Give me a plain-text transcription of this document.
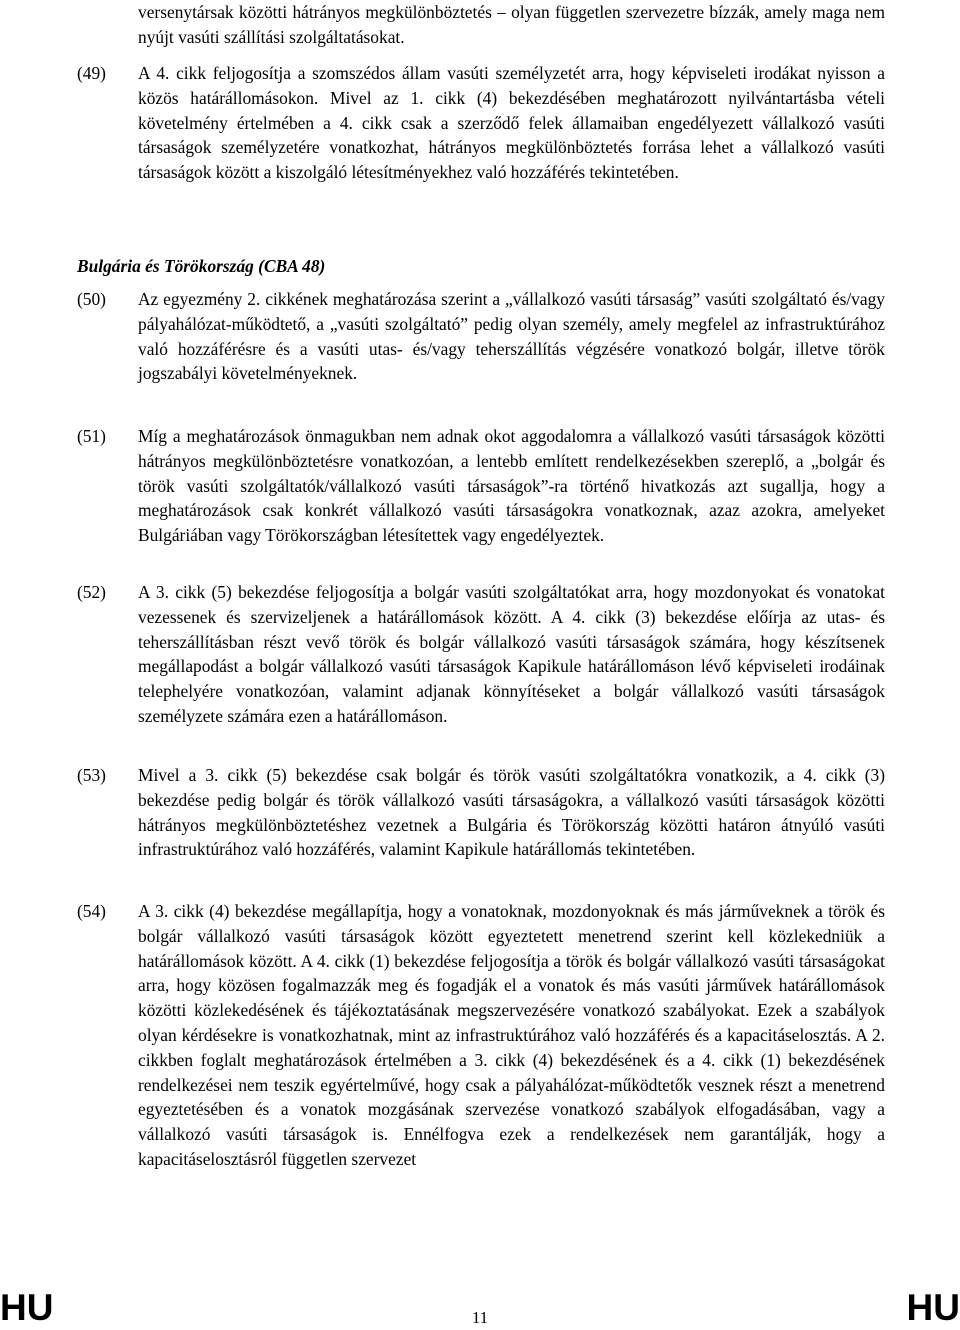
versenytársak közötti hátrányos megkülönböztetés – olyan független szervezetre bízzák, amely maga nem nyújt vasúti szállítási szolgáltatásokat.
(49)	A 4. cikk feljogosítja a szomszédos állam vasúti személyzetét arra, hogy képviseleti irodákat nyisson a közös határállomásokon. Mivel az 1. cikk (4) bekezdésében meghatározott nyilvántartásba vételi követelmény értelmében a 4. cikk csak a szerződő felek államaiban engedélyezett vállalkozó vasúti társaságok személyzetére vonatkozhat, hátrányos megkülönböztetés forrása lehet a vállalkozó vasúti társaságok között a kiszolgáló létesítményekhez való hozzáférés tekintetében.
Bulgária és Törökország (CBA 48)
(50)	Az egyezmény 2. cikkének meghatározása szerint a „vállalkozó vasúti társaság” vasúti szolgáltató és/vagy pályahálózat-működtető, a „vasúti szolgáltató” pedig olyan személy, amely megfelel az infrastruktúrához való hozzáférésre és a vasúti utas- és/vagy teherszállítás végzésére vonatkozó bolgár, illetve török jogszabályi követelményeknek.
(51)	Míg a meghatározások önmagukban nem adnak okot aggodalomra a vállalkozó vasúti társaságok közötti hátrányos megkülönböztetésre vonatkozóan, a lentebb említett rendelkezésekben szereplő, a „bolgár és török vasúti szolgáltatók/vállalkozó vasúti társaságok”-ra történő hivatkozás azt sugallja, hogy a meghatározások csak konkrét vállalkozó vasúti társaságokra vonatkoznak, azaz azokra, amelyeket Bulgáriában vagy Törökországban létesítettek vagy engedélyeztek.
(52)	A 3. cikk (5) bekezdése feljogosítja a bolgár vasúti szolgáltatókat arra, hogy mozdonyokat és vonatokat vezessenek és szervizeljenek a határállomások között. A 4. cikk (3) bekezdése előírja az utas- és teherszállításban részt vevő török és bolgár vállalkozó vasúti társaságok számára, hogy készítsenek megállapodást a bolgár vállalkozó vasúti társaságok Kapikule határállomáson lévő képviseleti irodáinak telephelyére vonatkozóan, valamint adjanak könnyítéseket a bolgár vállalkozó vasúti társaságok személyzete számára ezen a határállomáson.
(53)	Mivel a 3. cikk (5) bekezdése csak bolgár és török vasúti szolgáltatókra vonatkozik, a 4. cikk (3) bekezdése pedig bolgár és török vállalkozó vasúti társaságokra, a vállalkozó vasúti társaságok közötti hátrányos megkülönböztetéshez vezetnek a Bulgária és Törökország közötti határon átnyúló vasúti infrastruktúrához való hozzáférés, valamint Kapikule határállomás tekintetében.
(54)	A 3. cikk (4) bekezdése megállapítja, hogy a vonatoknak, mozdonyoknak és más járműveknek a török és bolgár vállalkozó vasúti társaságok között egyeztetett menetrend szerint kell közlekedniük a határállomások között. A 4. cikk (1) bekezdése feljogosítja a török és bolgár vállalkozó vasúti társaságokat arra, hogy közösen fogalmazzák meg és fogadják el a vonatok és más vasúti járművek határállomások közötti közlekedésének és tájékoztatásának megszervezésére vonatkozó szabályokat. Ezek a szabályok olyan kérdésekre is vonatkozhatnak, mint az infrastruktúrához való hozzáférés és a kapacitáselosztás. A 2. cikkben foglalt meghatározások értelmében a 3. cikk (4) bekezdésének és a 4. cikk (1) bekezdésének rendelkezései nem teszik egyértelművé, hogy csak a pályahálózat-működtetők vesznek részt a menetrend egyeztetésében és a vonatok mozgásának szervezése vonatkozó szabályok elfogadásában, vagy a vállalkozó vasúti társaságok is. Ennélfogva ezek a rendelkezések nem garantálják, hogy a kapacitáselosztásról független szervezet
HU	11	HU
